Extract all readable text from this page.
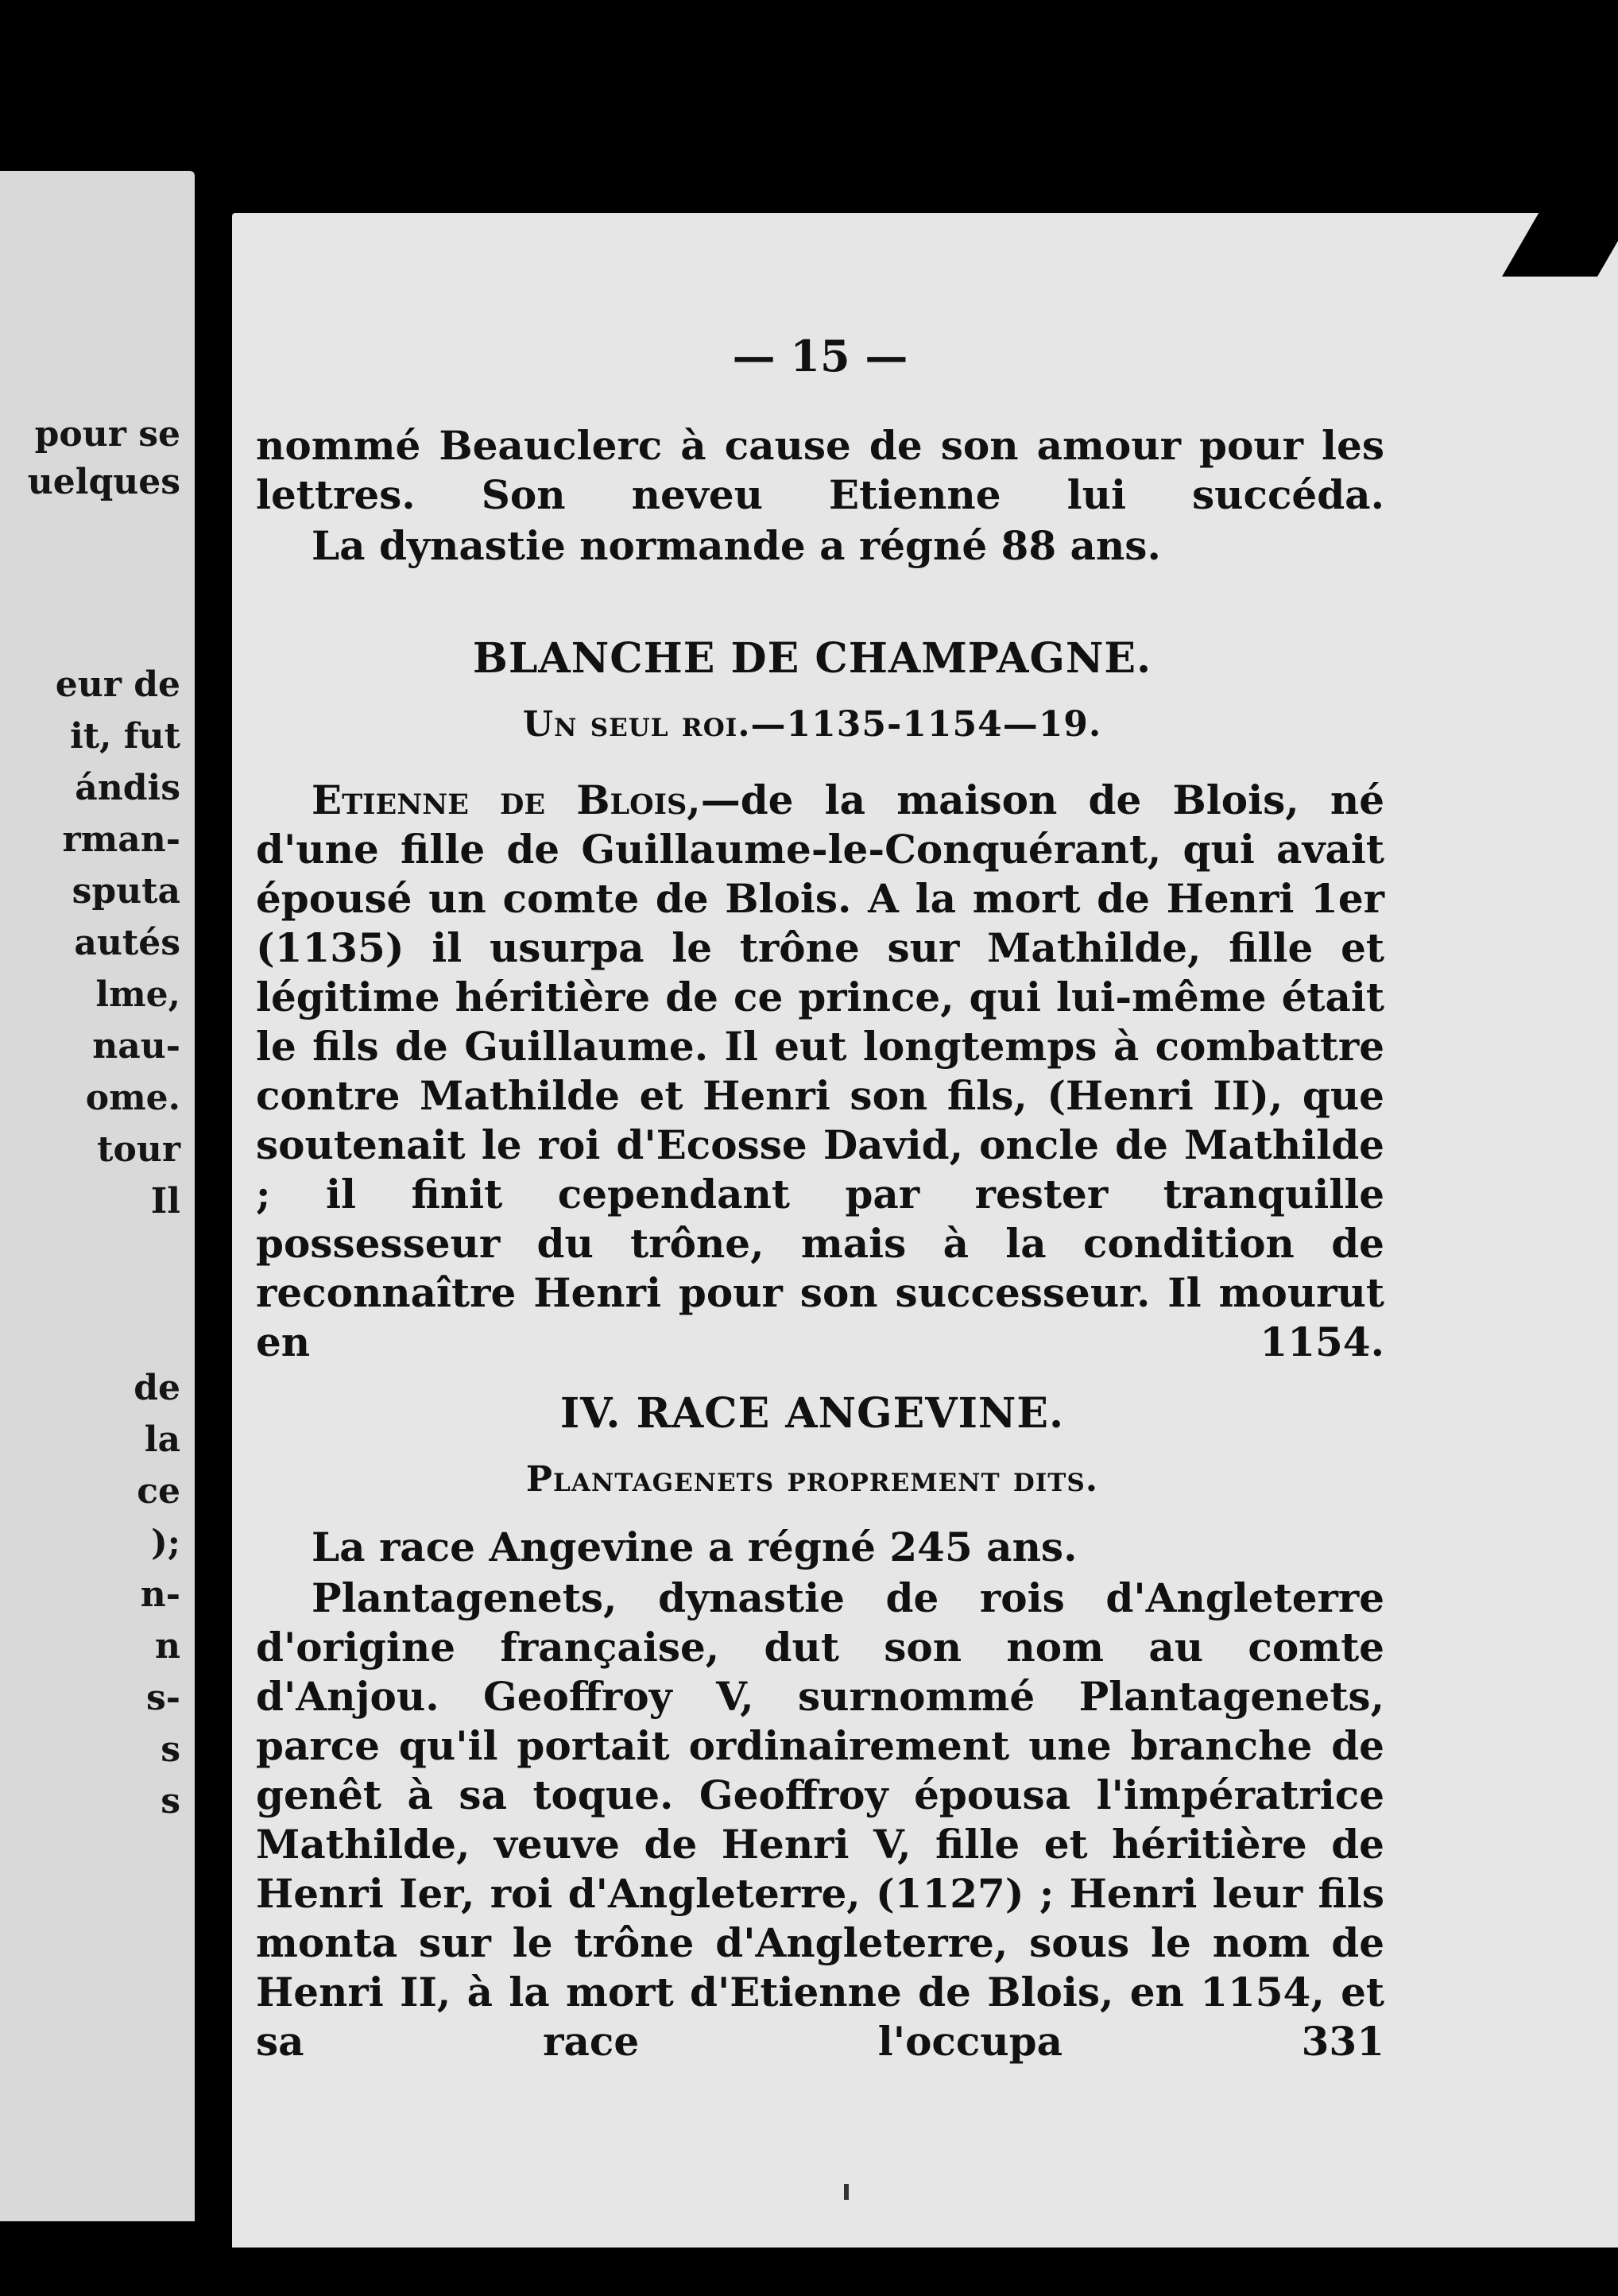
pour se
uelques
eur de
it, fut
ándis
rman-
sputa
autés
lme,
nau-
ome.
tour
Il
de
la
ce
);
n-
n
s-
s
s
— 15 —
nommé Beauclerc à cause de son amour pour les lettres. Son neveu Etienne lui succéda.
La dynastie normande a régné 88 ans.
BLANCHE DE CHAMPAGNE.
Un seul roi.—1135-1154—19.
Etienne de Blois,—de la maison de Blois, né d'une fille de Guillaume-le-Conquérant, qui avait épousé un comte de Blois. A la mort de Henri 1er (1135) il usurpa le trône sur Mathilde, fille et légitime héritière de ce prince, qui lui-même était le fils de Guillaume. Il eut longtemps à combattre contre Mathilde et Henri son fils, (Henri II), que soutenait le roi d'Ecosse David, oncle de Mathilde ; il finit cependant par rester tranquille possesseur du trône, mais à la condition de reconnaître Henri pour son successeur. Il mourut en 1154.
IV. RACE ANGEVINE.
Plantagenets proprement dits.
La race Angevine a régné 245 ans.
Plantagenets, dynastie de rois d'Angleterre d'origine française, dut son nom au comte d'Anjou. Geoffroy V, surnommé Plantagenets, parce qu'il portait ordinairement une branche de genêt à sa toque. Geoffroy épousa l'impératrice Mathilde, veuve de Henri V, fille et héritière de Henri Ier, roi d'Angleterre, (1127) ; Henri leur fils monta sur le trône d'Angleterre, sous le nom de Henri II, à la mort d'Etienne de Blois, en 1154, et sa race l'occupa 331
